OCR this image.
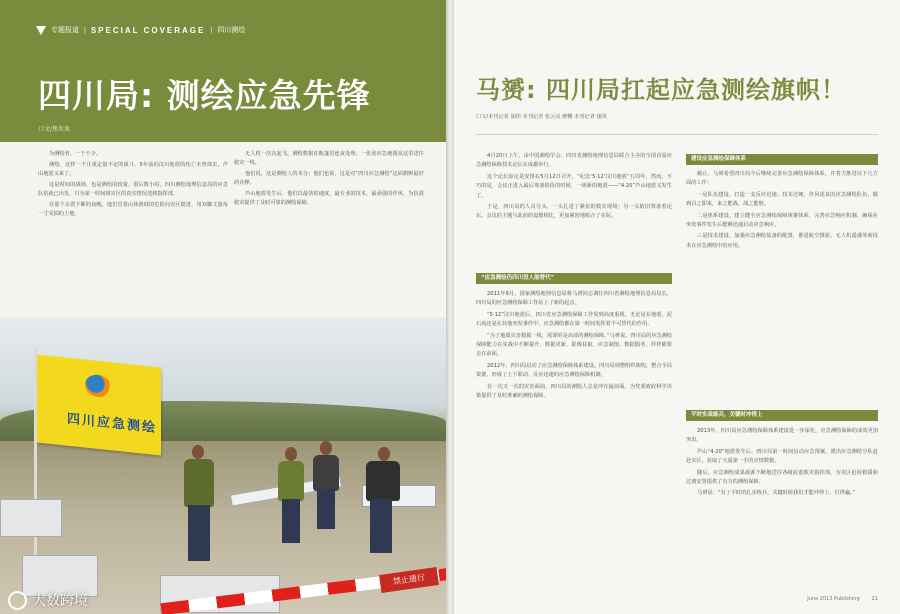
专题报道 | SPECIAL COVERAGE | 四川测绘
四川局: 测绘应急先锋
口文/焦奕岚

为测绘者，一个不少。

测绘，这样一个注重定量不定的战斗。5年前的汶川地震的伤亡未曾抹去，芦山地震又来了。

这是时间的战场，也是测绘的较量。震后数小时，四川测绘地理信息局的应急队伍就已出发，只为第一时间将灾区的真实情况送到指挥部。

在那个余震不断的夜晚，他们冒着山体滑坡的危险向灾区挺进，用双脚丈量每一寸受损的土地。

无人机一次次起飞，测绘数据在帐篷里连夜处理，一张张应急地图从这里送往救灾一线。

他们说，这是测绘人的本分；他们也说，这是对“四川应急测绘”这面旗帜最好的诠释。

芦山地震发生后，他们以最快的速度，最专业的技术，最顽强的作风，为抗震救灾提供了及时可靠的测绘保障。

四川应急测绘
禁止通行
马赟: 四川局扛起应急测绘旗帜！
口文/本刊记者 胡伟 本刊记者 张云亮 廖鹏 本刊记者 郁英

4月20日上午，由中国测绘学会、四川省测绘地理信息局联合主办的全国首届应急测绘保障技术论坛在成都举行。

这个论坛原定是安排在5月12日召开，“纪念‘5·12’汶川地震”五周年，然而，不巧的是，会议正进入最后筹备阶段的时候，一场新的地震——“4·20”芦山地震又发生了。

于是，四川局的人员分头，一头扎进了紧张的救灾现场；另一头依旧筹备着论坛，会议的主题与此前的设想相比，更加紧密地贴合了实际。

“应急测绘仍四川没人能替代”

2011年9月，国家测绘地理信息局将马赟同志调任四川省测绘地理信息局局长，四川局的应急测绘保障工作站上了新的起点。

“5·12”汶川地震后，四川省应急测绘保障工作受到高度重视，无论是在地震、泥石流还是在其他突发事件中，应急测绘都在第一时间发挥着不可替代的作用。

“为了地质灾害救援一线，需要的是高效的测绘保障。”马赟说。四川局的应急测绘保障能力在实战中不断提升，数据更新、影像获取、应急制图、数据服务，样样都要走在前面。

2012年，四川局启动了应急测绘保障体系建设。四川局调整组织架构，整合全局资源，形成了上下联动、反应迅速的应急测绘保障机制。

在一次又一次的灾害面前，四川局的测绘人总是冲在最前面，为党委政府科学决策提供了及时准确的测绘保障。

建设应急测绘保障体系

截止，马赟希望四川局今后继续完善应急测绘保障体系，并着力推进以下几方面的工作：

一是队伍建设。打造一支反应迅速、技术过硬、作风优良的应急测绘队伍，做到召之即来，来之能战，战之能胜。

二是体系建设。建立健全应急测绘保障预案体系，完善应急响应机制，确保在突发事件发生后能够迅速启动应急响应。

三是技术建设。加强应急测绘装备的配置，推进航空摄影、无人机遥感等新技术在应急测绘中的应用。

平时实战练兵，关键时冲得上

2013年，四川局应急测绘保障体系建设进一步深化，应急测绘保障的成效更加突出。

芦山“4·20”地震发生后，四川局第一时间启动应急预案，派出应急测绘分队赶赴灾区，获取了大量第一手的灾情数据。

随后，应急测绘成果源源不断地送往各级抗震救灾指挥部，为灾区抢险救援和过渡安置提供了有力的测绘保障。

马赟说：“有了平时的扎实练兵，关键时候我们才能冲得上、打得赢。”

June 2013 Publishing 21
大数跨境
